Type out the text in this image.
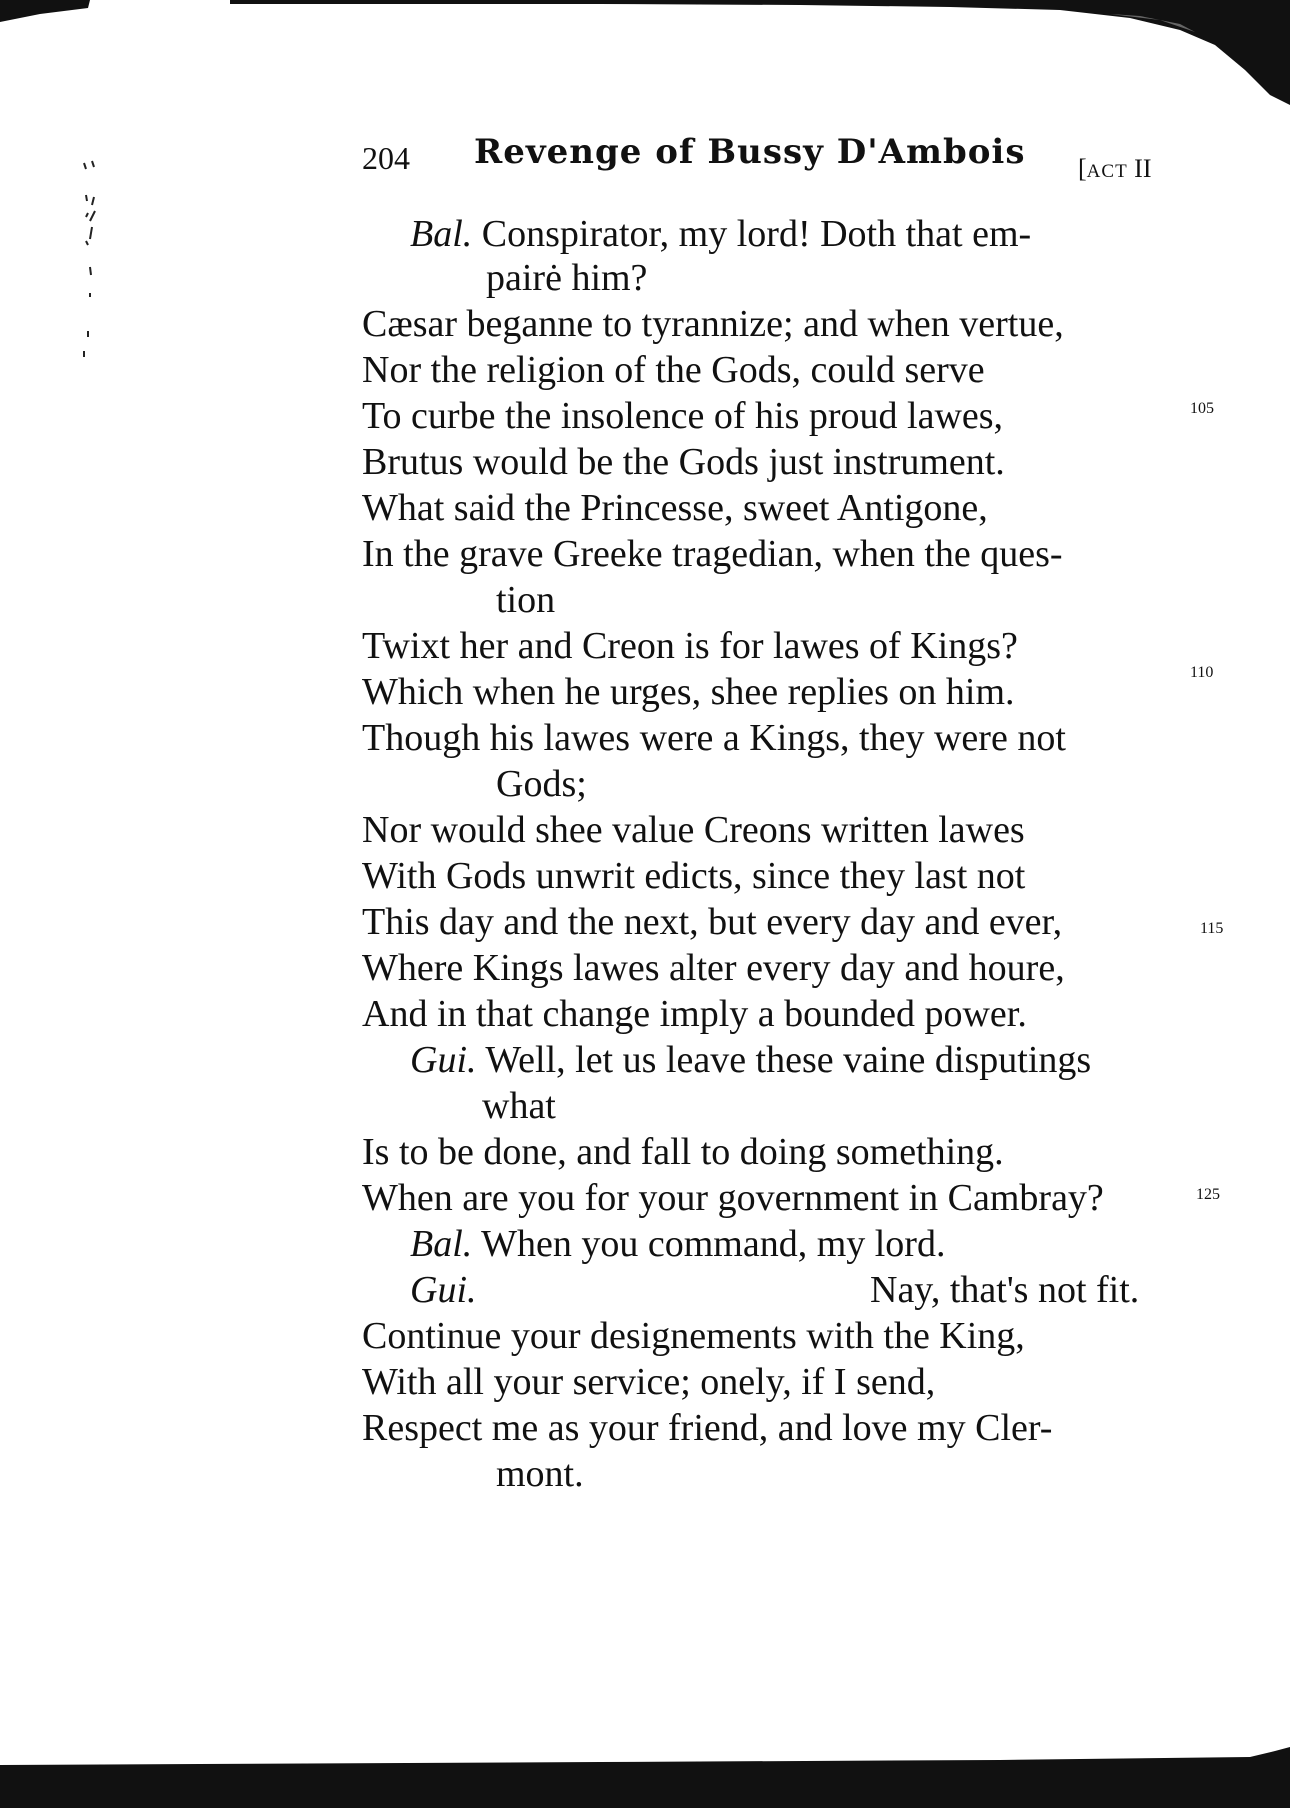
204 Revenge of Bussy D'Ambois [ACT II
Bal. Conspirator, my lord! Doth that em-
pairė him?
Cæsar beganne to tyrannize; and when vertue,
Nor the religion of the Gods, could serve
To curbe the insolence of his proud lawes,
Brutus would be the Gods just instrument.
What said the Princesse, sweet Antigone,
In the grave Greeke tragedian, when the ques-
tion
Twixt her and Creon is for lawes of Kings?
Which when he urges, shee replies on him.
Though his lawes were a Kings, they were not
Gods;
Nor would shee value Creons written lawes
With Gods unwrit edicts, since they last not
This day and the next, but every day and ever,
Where Kings lawes alter every day and houre,
And in that change imply a bounded power.
Gui. Well, let us leave these vaine disputings
what
Is to be done, and fall to doing something.
When are you for your government in Cambray?
Bal. When you command, my lord.
Gui.	Nay, that's not fit.
Continue your designements with the King,
With all your service; onely, if I send,
Respect me as your friend, and love my Cler-
mont.
105
110
115
125
